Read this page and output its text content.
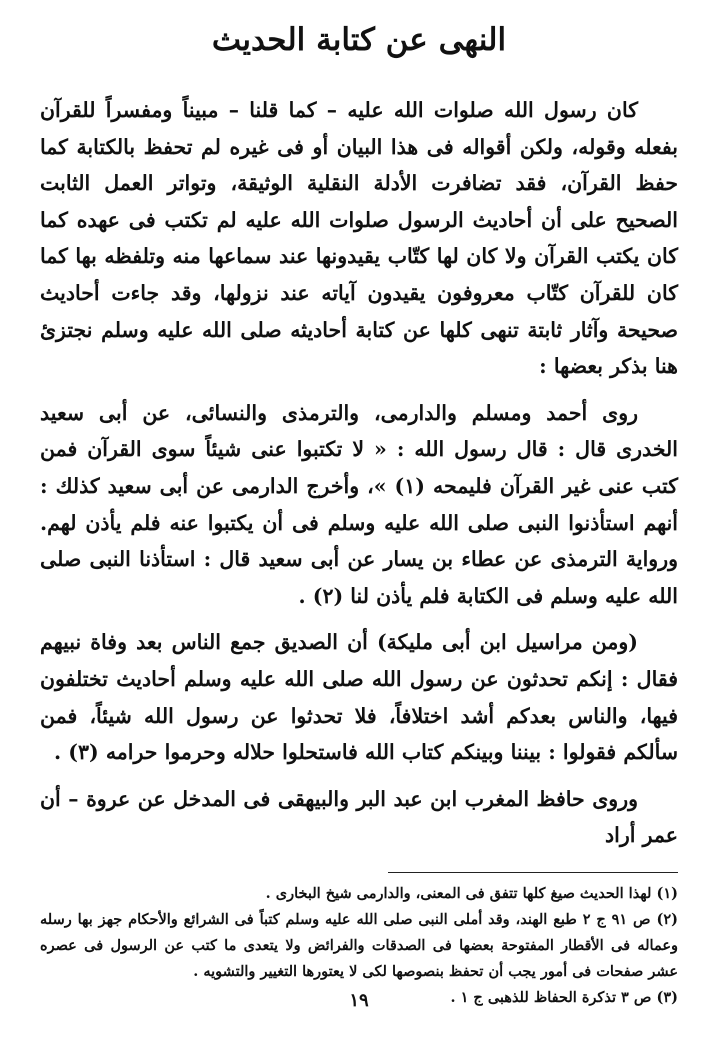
النهى عن كتابة الحديث

كان رسول الله صلوات الله عليه – كما قلنا – مبيناً ومفسراً للقرآن بفعله وقوله، ولكن أقواله فى هذا البيان أو فى غيره لم تحفظ بالكتابة كما حفظ القرآن، فقد تضافرت الأدلة النقلية الوثيقة، وتواتر العمل الثابت الصحيح على أن أحاديث الرسول صلوات الله عليه لم تكتب فى عهده كما كان يكتب القرآن ولا كان لها كتّاب يقيدونها عند سماعها منه وتلفظه بها كما كان للقرآن كتّاب معروفون يقيدون آياته عند نزولها، وقد جاءت أحاديث صحيحة وآثار ثابتة تنهى كلها عن كتابة أحاديثه صلى الله عليه وسلم نجتزئ هنا بذكر بعضها :

روى أحمد ومسلم والدارمى، والترمذى والنسائى، عن أبى سعيد الخدرى قال : قال رسول الله : « لا تكتبوا عنى شيئاً سوى القرآن فمن كتب عنى غير القرآن فليمحه (١) »، وأخرج الدارمى عن أبى سعيد كذلك : أنهم استأذنوا النبى صلى الله عليه وسلم فى أن يكتبوا عنه فلم يأذن لهم. ورواية الترمذى عن عطاء بن يسار عن أبى سعيد قال : استأذنا النبى صلى الله عليه وسلم فى الكتابة فلم يأذن لنا (٢) .

(ومن مراسيل ابن أبى مليكة) أن الصديق جمع الناس بعد وفاة نبيهم فقال : إنكم تحدثون عن رسول الله صلى الله عليه وسلم أحاديث تختلفون فيها، والناس بعدكم أشد اختلافاً، فلا تحدثوا عن رسول الله شيئاً، فمن سألكم فقولوا : بيننا وبينكم كتاب الله فاستحلوا حلاله وحرموا حرامه (٣) .

وروى حافظ المغرب ابن عبد البر والبيهقى فى المدخل عن عروة – أن عمر أراد

(١) لهذا الحديث صيغ كلها تتفق فى المعنى، والدارمى شيخ البخارى .

(٢) ص ٩١ ج ٢ طبع الهند، وقد أملى النبى صلى الله عليه وسلم كتباً فى الشرائع والأحكام جهز بها رسله وعماله فى الأقطار المفتوحة بعضها فى الصدقات والفرائض ولا يتعدى ما كتب عن الرسول فى عصره عشر صفحات فى أمور يجب أن تحفظ بنصوصها لكى لا يعتورها التغيير والتشويه .

(٣) ص ٣ تذكرة الحفاظ للذهبى ج ١ .

١٩
